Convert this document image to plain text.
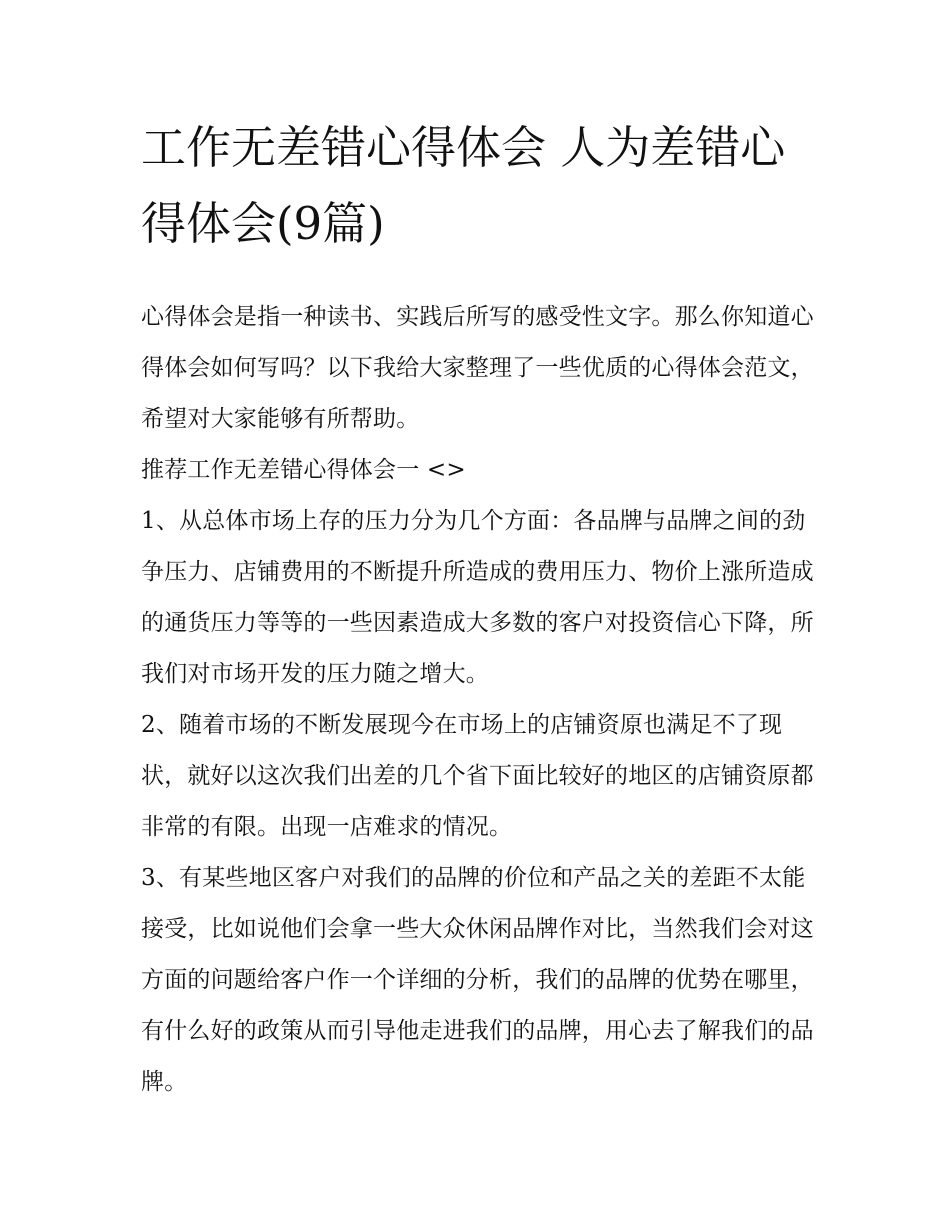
工作无差错心得体会 人为差错心得体会(9篇)

心得体会是指一种读书、实践后所写的感受性文字。那么你知道心得体会如何写吗？以下我给大家整理了一些优质的心得体会范文，希望对大家能够有所帮助。

推荐工作无差错心得体会一 <>

1、从总体市场上存的压力分为几个方面：各品牌与品牌之间的劲争压力、店铺费用的不断提升所造成的费用压力、物价上涨所造成的通货压力等等的一些因素造成大多数的客户对投资信心下降，所我们对市场开发的压力随之增大。

2、随着市场的不断发展现今在市场上的店铺资原也满足不了现状，就好以这次我们出差的几个省下面比较好的地区的店铺资原都非常的有限。出现一店难求的情况。

3、有某些地区客户对我们的品牌的价位和产品之关的差距不太能接受，比如说他们会拿一些大众休闲品牌作对比，当然我们会对这方面的问题给客户作一个详细的分析，我们的品牌的优势在哪里，有什么好的政策从而引导他走进我们的品牌，用心去了解我们的品牌。
